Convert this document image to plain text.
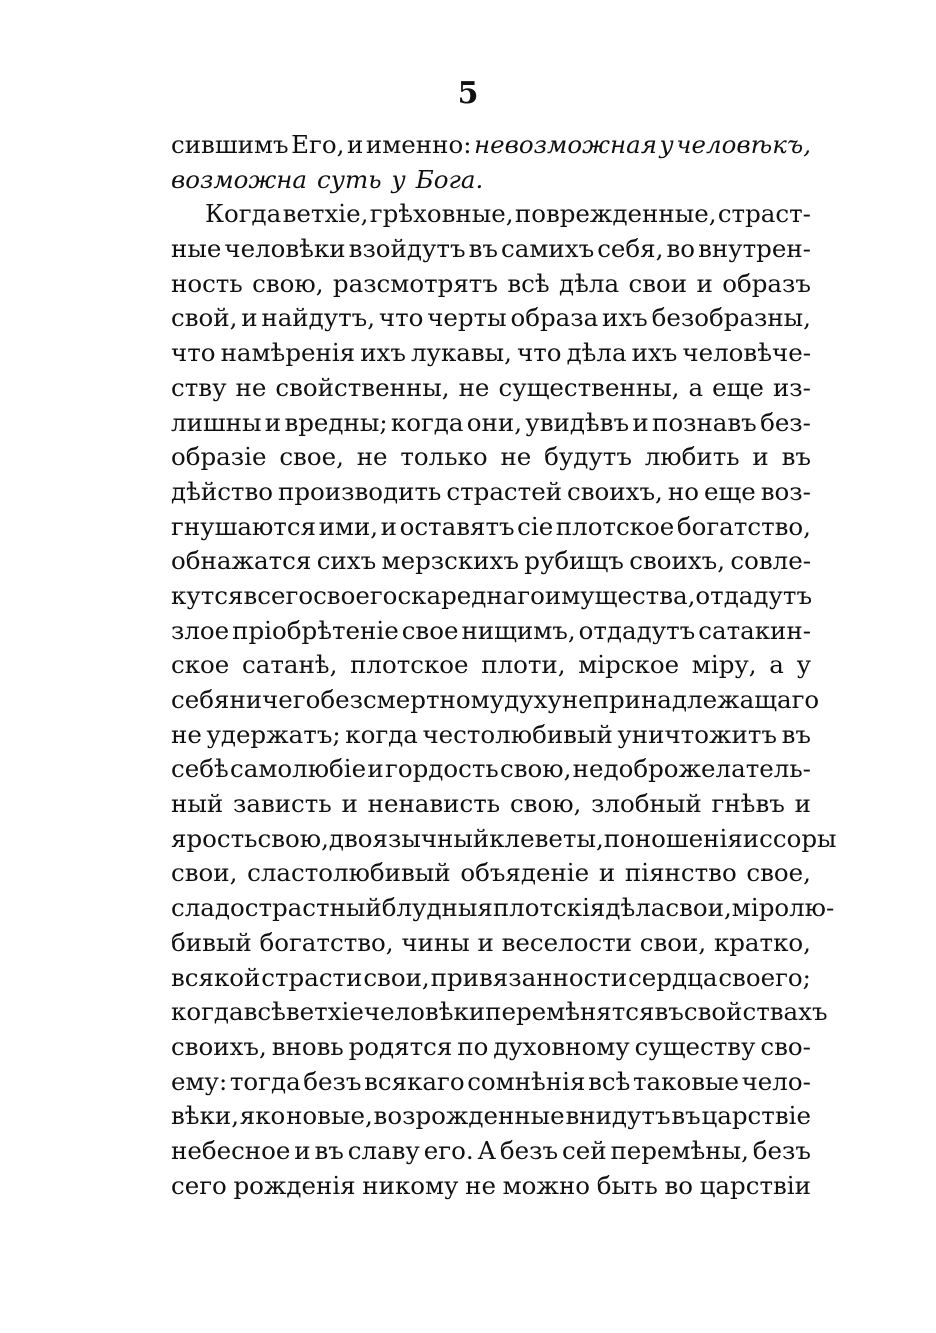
5
сившимъ Его, и именно: невозможная у человѣкъ,
возможна суть у Бога.
Когда ветхіе, грѣховные, поврежденные, страст-
ные человѣки взойдутъ въ самихъ себя, во внутрен-
ность свою, разсмотрятъ всѣ дѣла свои и образъ
свой, и найдутъ, что черты образа ихъ безобразны,
что намѣренія ихъ лукавы, что дѣла ихъ человѣче-
ству не свойственны, не существенны, а еще из-
лишны и вредны; когда они, увидѣвъ и познавъ без-
образіе свое, не только не будутъ любить и въ
дѣйство производить страстей своихъ, но еще воз-
гнушаются ими, и оставятъ сіе плотское богатство,
обнажатся сихъ мерзскихъ рубищъ своихъ, совле-
кутся всего своего скареднаго имущества, отдадутъ
злое пріобрѣтеніе свое нищимъ, отдадутъ сатакин-
ское сатанѣ, плотское плоти, мірское міру, а у
себя ничего безсмертному духу непринадлежащаго
не удержатъ; когда честолюбивый уничтожитъ въ
себѣ самолюбіе и гордость свою, недоброжелатель-
ный зависть и ненависть свою, злобный гнѣвъ и
ярость свою, двоязычный клеветы, поношенія и ссоры
свои, сластолюбивый объяденіе и піянство свое,
сладострастный блудныя плотскія дѣла свои, міролю-
бивый богатство, чины и веселости свои, кратко,
всякой страсти свои, привязанности сердца своего;
когда всѣ ветхіе человѣки перемѣнятся въ свойствахъ
своихъ, вновь родятся по духовному существу сво-
ему: тогда безъ всякаго сомнѣнія всѣ таковые чело-
вѣки, яко новые, возрожденные внидутъ въ царствіе
небесное и въ славу его. А безъ сей перемѣны, безъ
сего рожденія никому не можно быть во царствіи
